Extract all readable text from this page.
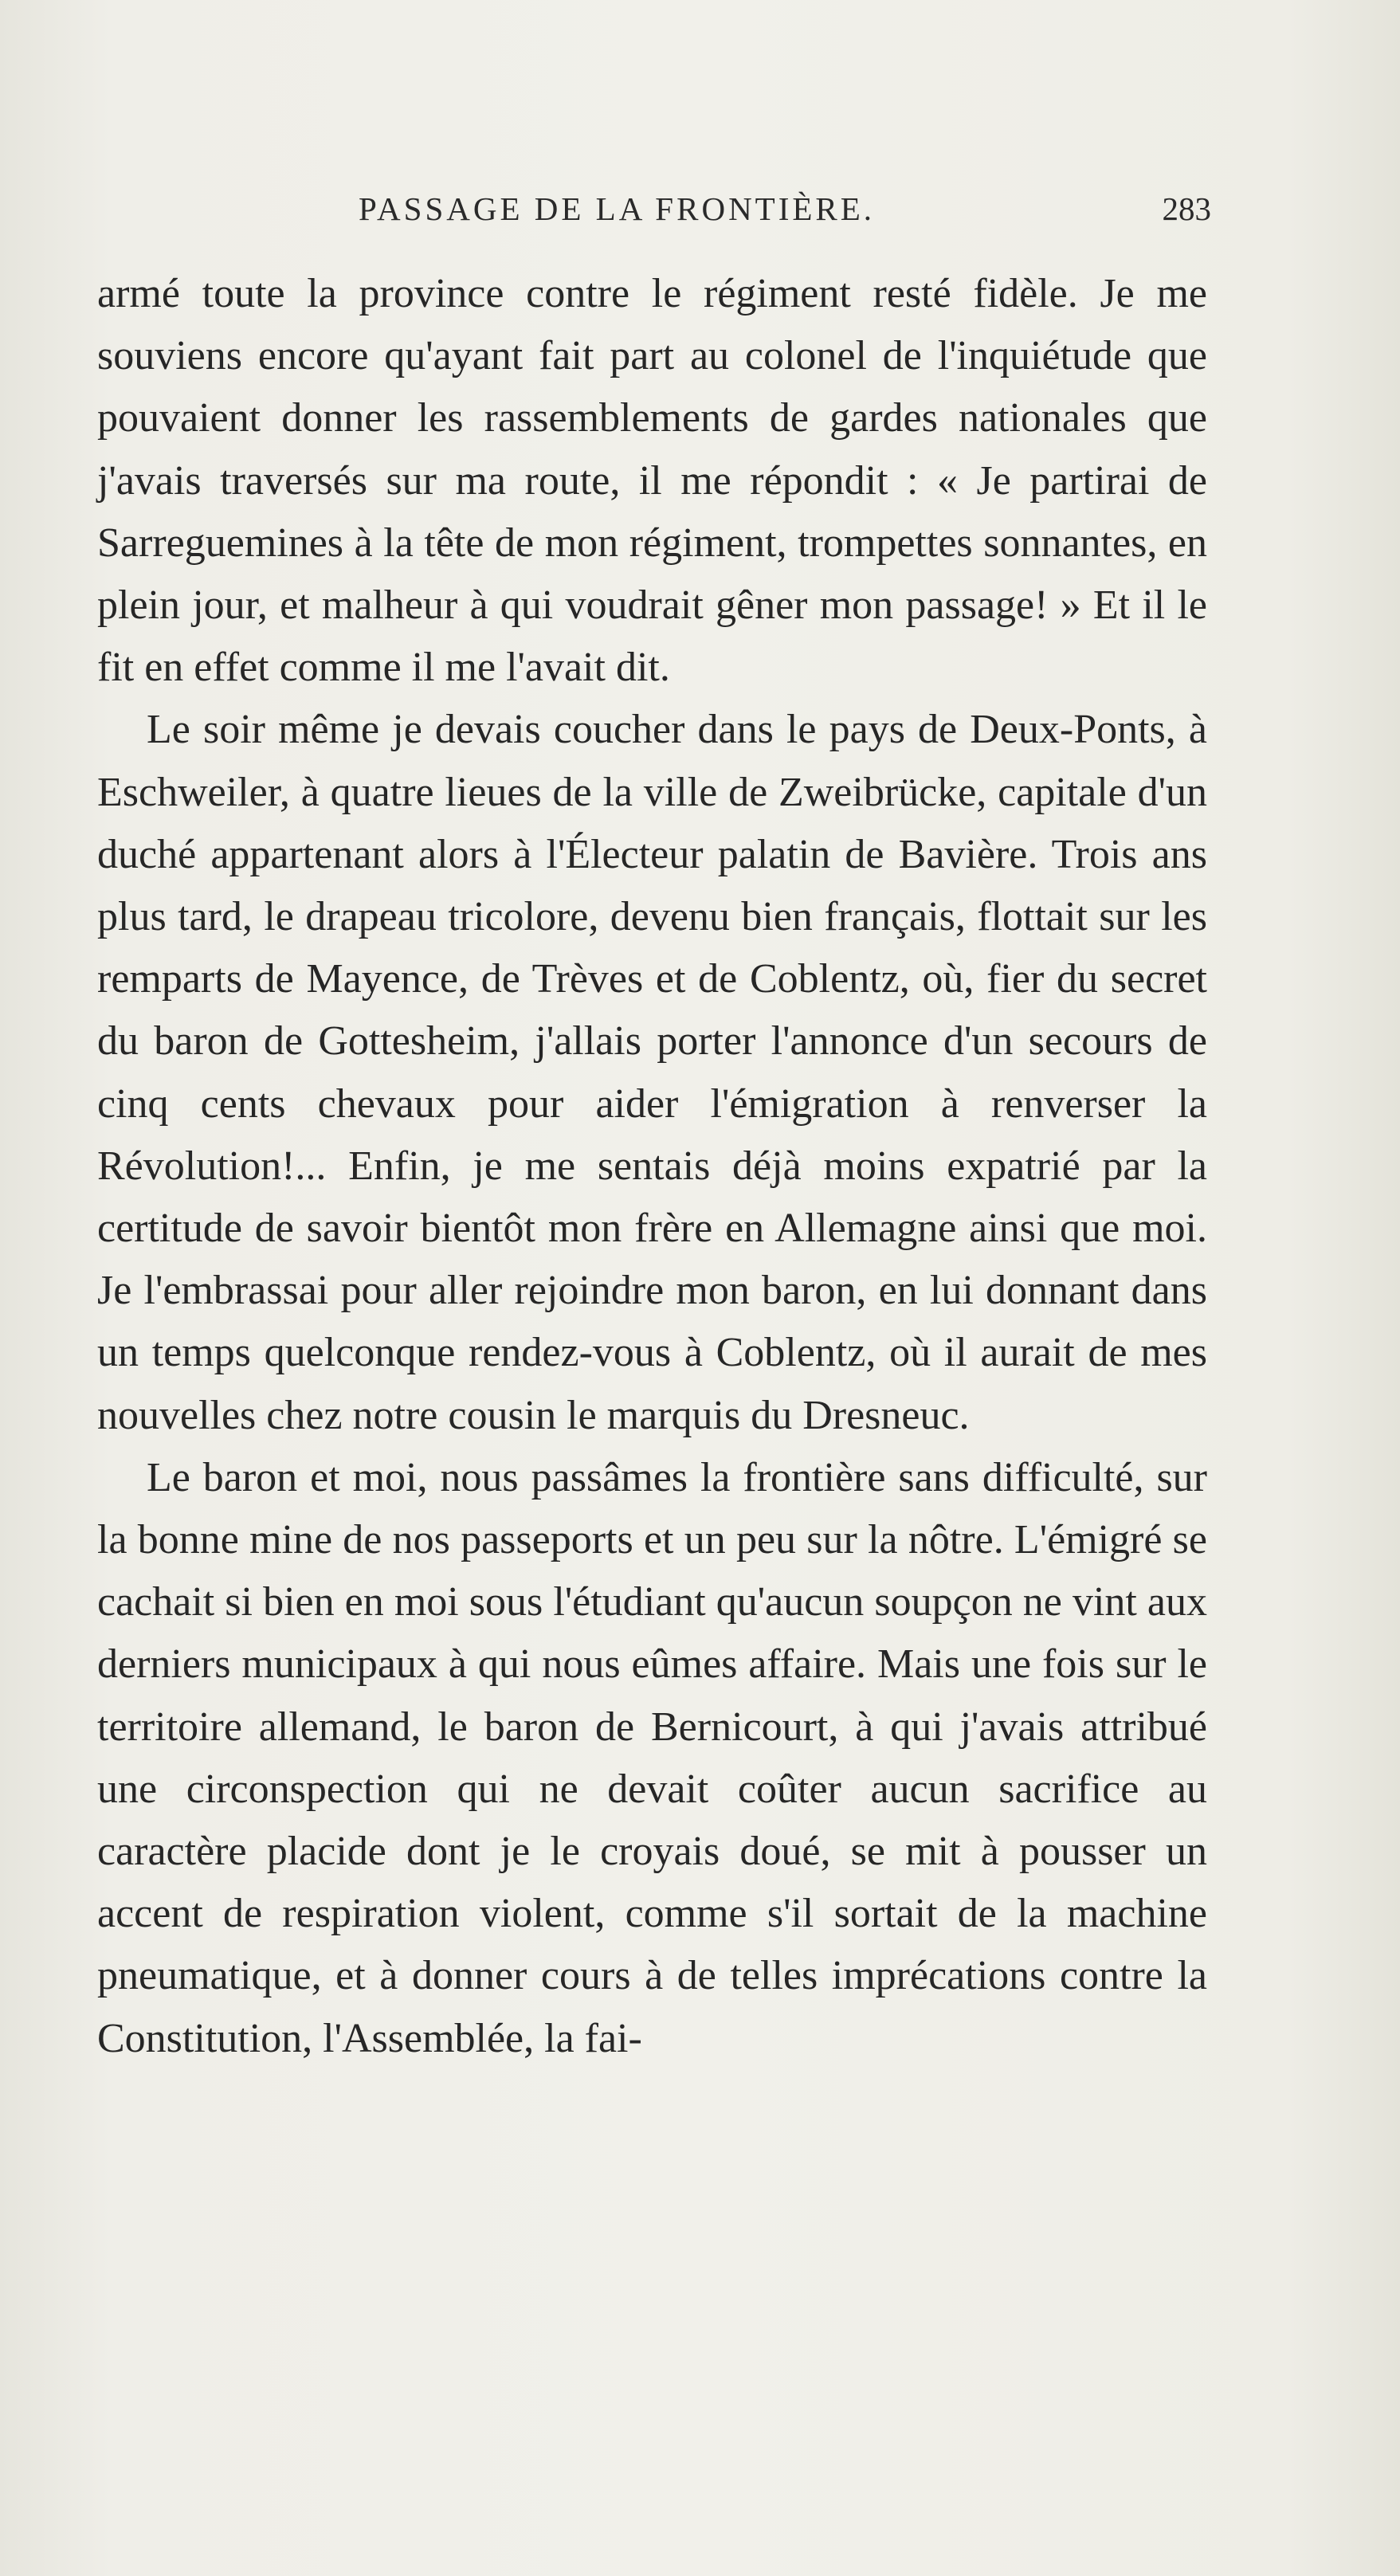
PASSAGE DE LA FRONTIÈRE.	283

armé toute la province contre le régiment resté fidèle. Je me souviens encore qu'ayant fait part au colonel de l'inquiétude que pouvaient donner les rassemblements de gardes nationales que j'avais traversés sur ma route, il me répondit : « Je partirai de Sarreguemines à la tête de mon régiment, trompettes sonnantes, en plein jour, et malheur à qui voudrait gêner mon passage! » Et il le fit en effet comme il me l'avait dit.

Le soir même je devais coucher dans le pays de Deux-Ponts, à Eschweiler, à quatre lieues de la ville de Zweibrücke, capitale d'un duché appartenant alors à l'Électeur palatin de Bavière. Trois ans plus tard, le drapeau tricolore, devenu bien français, flottait sur les remparts de Mayence, de Trèves et de Coblentz, où, fier du secret du baron de Gottesheim, j'allais porter l'annonce d'un secours de cinq cents chevaux pour aider l'émigration à renverser la Révolution!... Enfin, je me sentais déjà moins expatrié par la certitude de savoir bientôt mon frère en Allemagne ainsi que moi. Je l'embrassai pour aller rejoindre mon baron, en lui donnant dans un temps quelconque rendez-vous à Coblentz, où il aurait de mes nouvelles chez notre cousin le marquis du Dresneuc.

Le baron et moi, nous passâmes la frontière sans difficulté, sur la bonne mine de nos passeports et un peu sur la nôtre. L'émigré se cachait si bien en moi sous l'étudiant qu'aucun soupçon ne vint aux derniers municipaux à qui nous eûmes affaire. Mais une fois sur le territoire allemand, le baron de Bernicourt, à qui j'avais attribué une circonspection qui ne devait coûter aucun sacrifice au caractère placide dont je le croyais doué, se mit à pousser un accent de respiration violent, comme s'il sortait de la machine pneumatique, et à donner cours à de telles imprécations contre la Constitution, l'Assemblée, la fai-
